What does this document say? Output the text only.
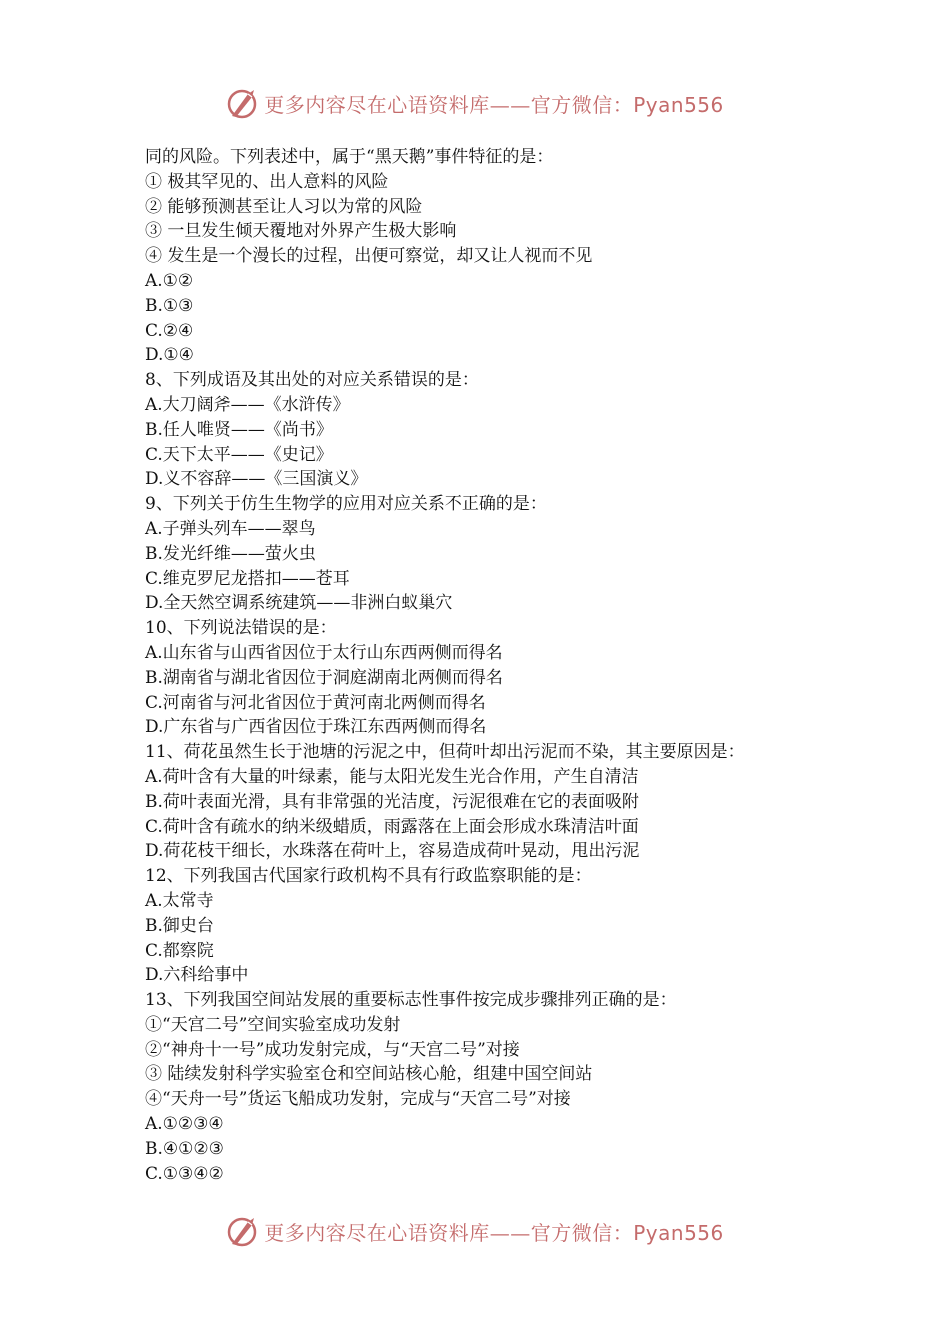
更多内容尽在心语资料库——官方微信：Pyan556
同的风险。下列表述中，属于“黑天鹅”事件特征的是：
① 极其罕见的、出人意料的风险
② 能够预测甚至让人习以为常的风险
③ 一旦发生倾天覆地对外界产生极大影响
④ 发生是一个漫长的过程，出便可察觉，却又让人视而不见
A.①②
B.①③
C.②④
D.①④
8、下列成语及其出处的对应关系错误的是：
A.大刀阔斧——《水浒传》
B.任人唯贤——《尚书》
C.天下太平——《史记》
D.义不容辞——《三国演义》
9、下列关于仿生生物学的应用对应关系不正确的是：
A.子弹头列车——翠鸟
B.发光纤维——萤火虫
C.维克罗尼龙搭扣——苍耳
D.全天然空调系统建筑——非洲白蚁巢穴
10、下列说法错误的是：
A.山东省与山西省因位于太行山东西两侧而得名
B.湖南省与湖北省因位于洞庭湖南北两侧而得名
C.河南省与河北省因位于黄河南北两侧而得名
D.广东省与广西省因位于珠江东西两侧而得名
11、荷花虽然生长于池塘的污泥之中，但荷叶却出污泥而不染，其主要原因是：
A.荷叶含有大量的叶绿素，能与太阳光发生光合作用，产生自清洁
B.荷叶表面光滑，具有非常强的光洁度，污泥很难在它的表面吸附
C.荷叶含有疏水的纳米级蜡质，雨露落在上面会形成水珠清洁叶面
D.荷花枝干细长，水珠落在荷叶上，容易造成荷叶晃动，甩出污泥
12、下列我国古代国家行政机构不具有行政监察职能的是：
A.太常寺
B.御史台
C.都察院
D.六科给事中
13、下列我国空间站发展的重要标志性事件按完成步骤排列正确的是：
①“天宫二号”空间实验室成功发射
②“神舟十一号”成功发射完成，与“天宫二号”对接
③ 陆续发射科学实验室仓和空间站核心舱，组建中国空间站
④“天舟一号”货运飞船成功发射，完成与“天宫二号”对接
A.①②③④
B.④①②③
C.①③④②
更多内容尽在心语资料库——官方微信：Pyan556
